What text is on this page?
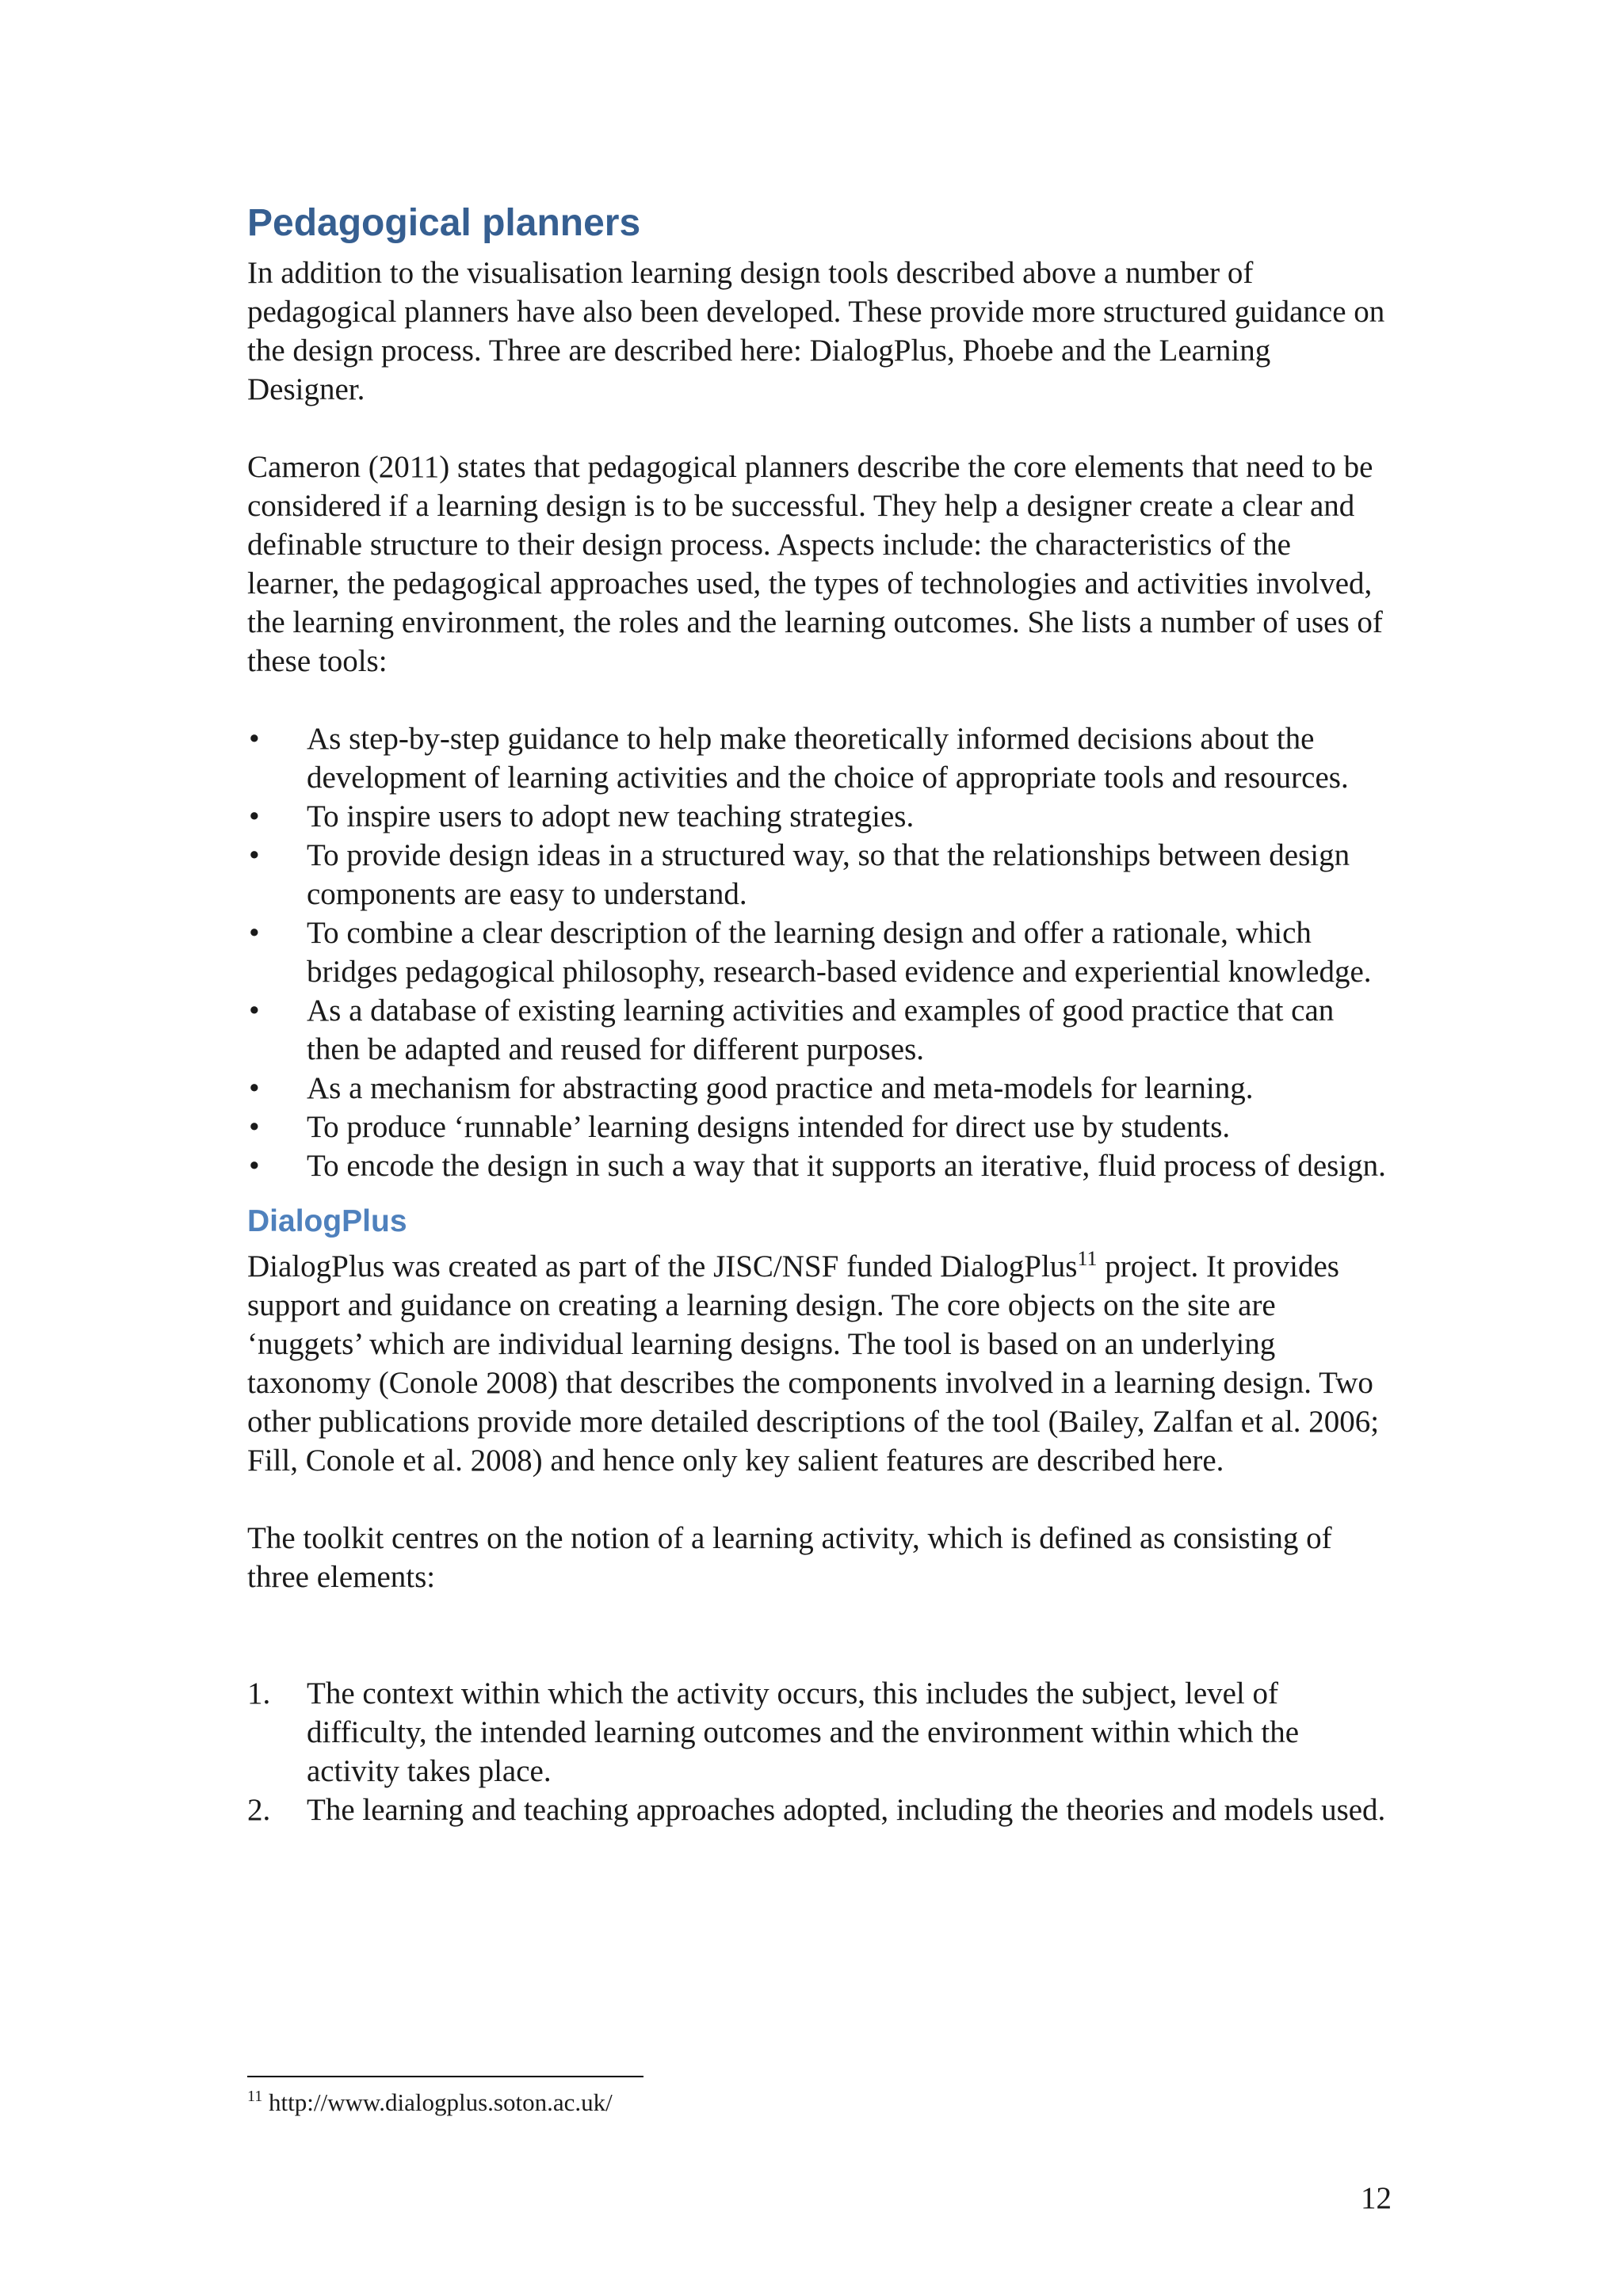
Pedagogical planners

In addition to the visualisation learning design tools described above a number of pedagogical planners have also been developed. These provide more structured guidance on the design process. Three are described here: DialogPlus, Phoebe and the Learning Designer.

Cameron (2011) states that pedagogical planners describe the core elements that need to be considered if a learning design is to be successful. They help a designer create a clear and definable structure to their design process. Aspects include: the characteristics of the learner, the pedagogical approaches used, the types of technologies and activities involved, the learning environment, the roles and the learning outcomes. She lists a number of uses of these tools:

•	As step-by-step guidance to help make theoretically informed decisions about the development of learning activities and the choice of appropriate tools and resources.
•	To inspire users to adopt new teaching strategies.
•	To provide design ideas in a structured way, so that the relationships between design components are easy to understand.
•	To combine a clear description of the learning design and offer a rationale, which bridges pedagogical philosophy, research-based evidence and experiential knowledge.
•	As a database of existing learning activities and examples of good practice that can then be adapted and reused for different purposes.
•	As a mechanism for abstracting good practice and meta-models for learning.
•	To produce ‘runnable’ learning designs intended for direct use by students.
•	To encode the design in such a way that it supports an iterative, fluid process of design.
DialogPlus

DialogPlus was created as part of the JISC/NSF funded DialogPlus$^{11}$ project. It provides support and guidance on creating a learning design. The core objects on the site are ‘nuggets’ which are individual learning designs. The tool is based on an underlying taxonomy (Conole 2008) that describes the components involved in a learning design. Two other publications provide more detailed descriptions of the tool (Bailey, Zalfan et al. 2006; Fill, Conole et al. 2008) and hence only key salient features are described here.

The toolkit centres on the notion of a learning activity, which is defined as consisting of three elements:

1. The context within which the activity occurs, this includes the subject, level of difficulty, the intended learning outcomes and the environment within which the activity takes place.
2. The learning and teaching approaches adopted, including the theories and models used.
$^{11}$ http://www.dialogplus.soton.ac.uk/
12
